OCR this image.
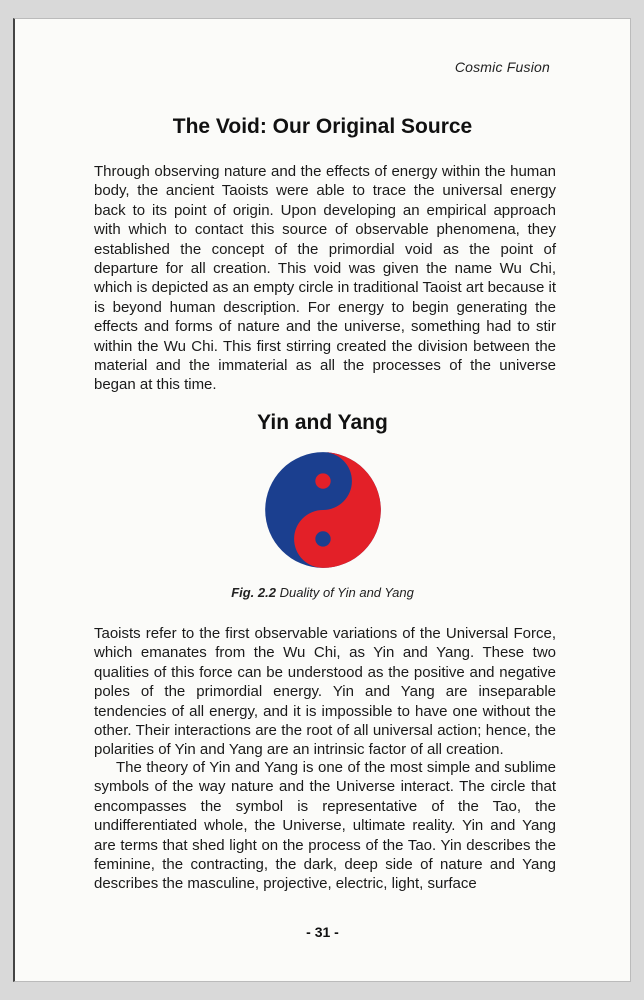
Cosmic Fusion
The Void: Our Original Source

Through observing nature and the effects of energy within the human body, the ancient Taoists were able to trace the universal energy back to its point of origin. Upon developing an empirical approach with which to contact this source of observable phenomena, they established the concept of the primordial void as the point of departure for all creation. This void was given the name Wu Chi, which is depicted as an empty circle in traditional Taoist art because it is beyond human description. For energy to begin generating the effects and forms of nature and the universe, something had to stir within the Wu Chi. This first stirring created the division between the material and the immaterial as all the processes of the universe began at this time.

Yin and Yang
Fig. 2.2 Duality of Yin and Yang

Taoists refer to the first observable variations of the Universal Force, which emanates from the Wu Chi, as Yin and Yang. These two qualities of this force can be understood as the positive and negative poles of the primordial energy. Yin and Yang are inseparable tendencies of all energy, and it is impossible to have one without the other. Their interactions are the root of all universal action; hence, the polarities of Yin and Yang are an intrinsic factor of all creation.

The theory of Yin and Yang is one of the most simple and sublime symbols of the way nature and the Universe interact. The circle that encompasses the symbol is representative of the Tao, the undifferentiated whole, the Universe, ultimate reality. Yin and Yang are terms that shed light on the process of the Tao. Yin describes the feminine, the contracting, the dark, deep side of nature and Yang describes the masculine, projective, electric, light, surface

- 31 -
